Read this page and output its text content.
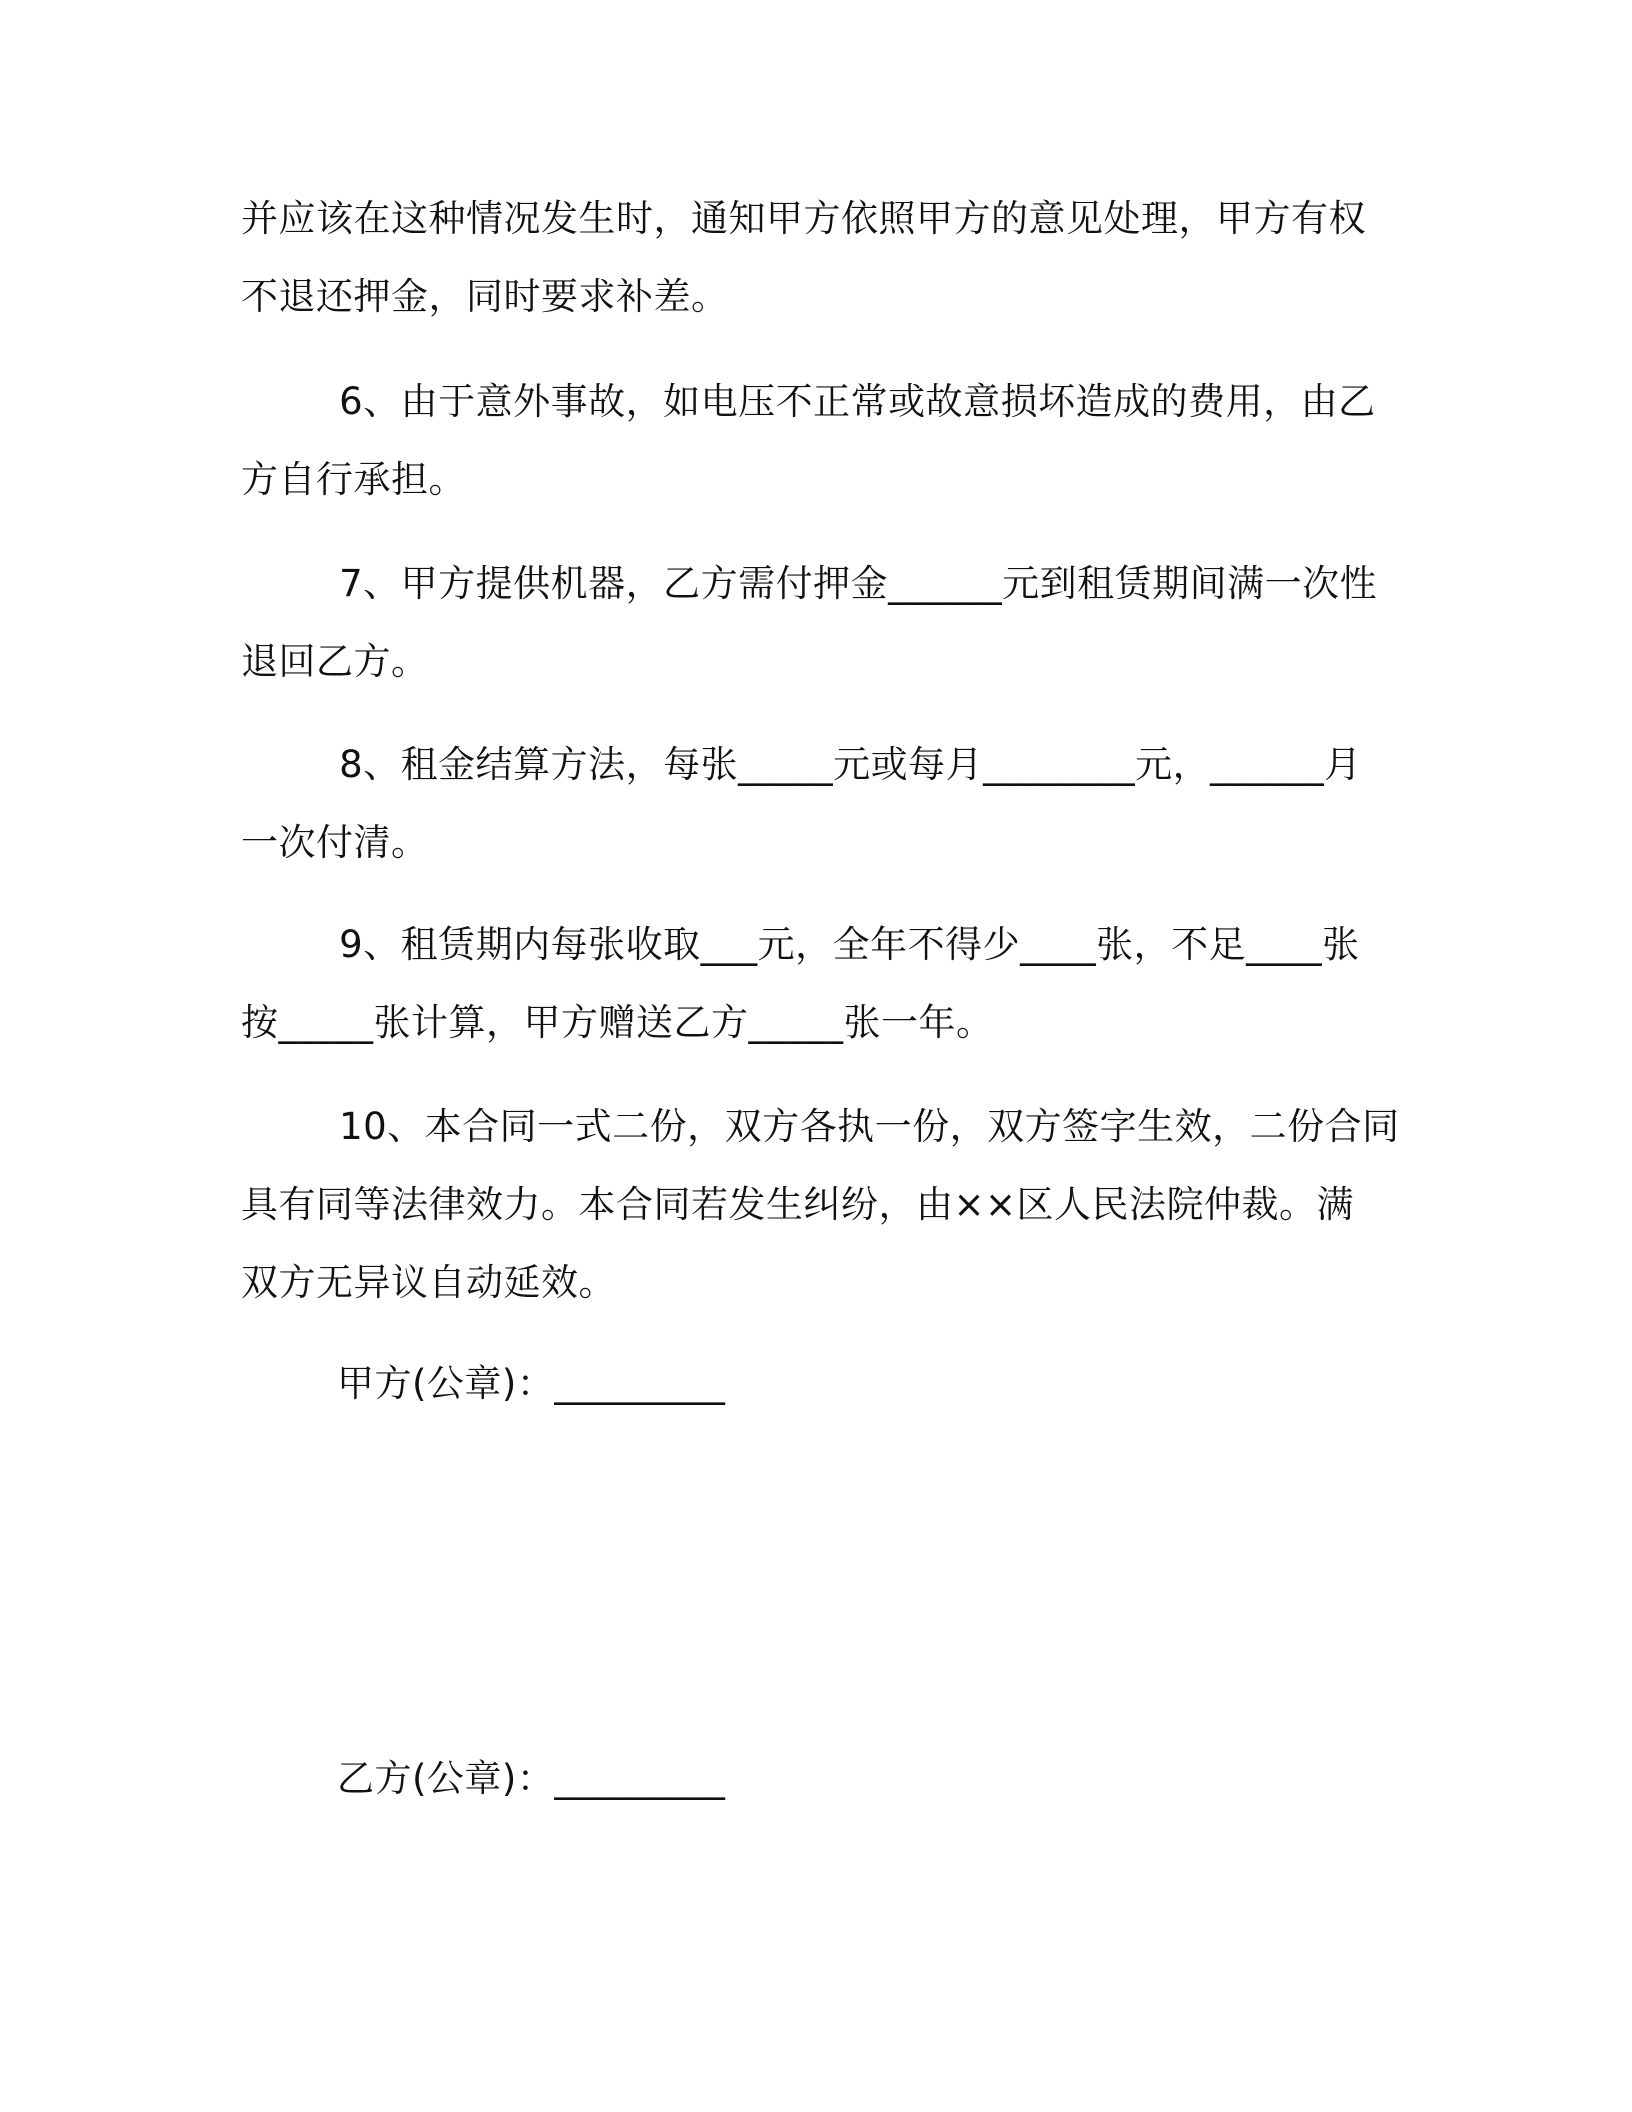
并应该在这种情况发生时，通知甲方依照甲方的意见处理，甲方有权
不退还押金，同时要求补差。

6、由于意外事故，如电压不正常或故意损坏造成的费用，由乙
方自行承担。

7、甲方提供机器，乙方需付押金______元到租赁期间满一次性
退回乙方。

8、租金结算方法，每张_____元或每月________元，______月
一次付清。

9、租赁期内每张收取___元，全年不得少____张，不足____张
按_____张计算，甲方赠送乙方_____张一年。

10、本合同一式二份，双方各执一份，双方签字生效，二份合同
具有同等法律效力。本合同若发生纠纷，由××区人民法院仲裁。满
双方无异议自动延效。

甲方(公章)：_________
乙方(公章)：_________
